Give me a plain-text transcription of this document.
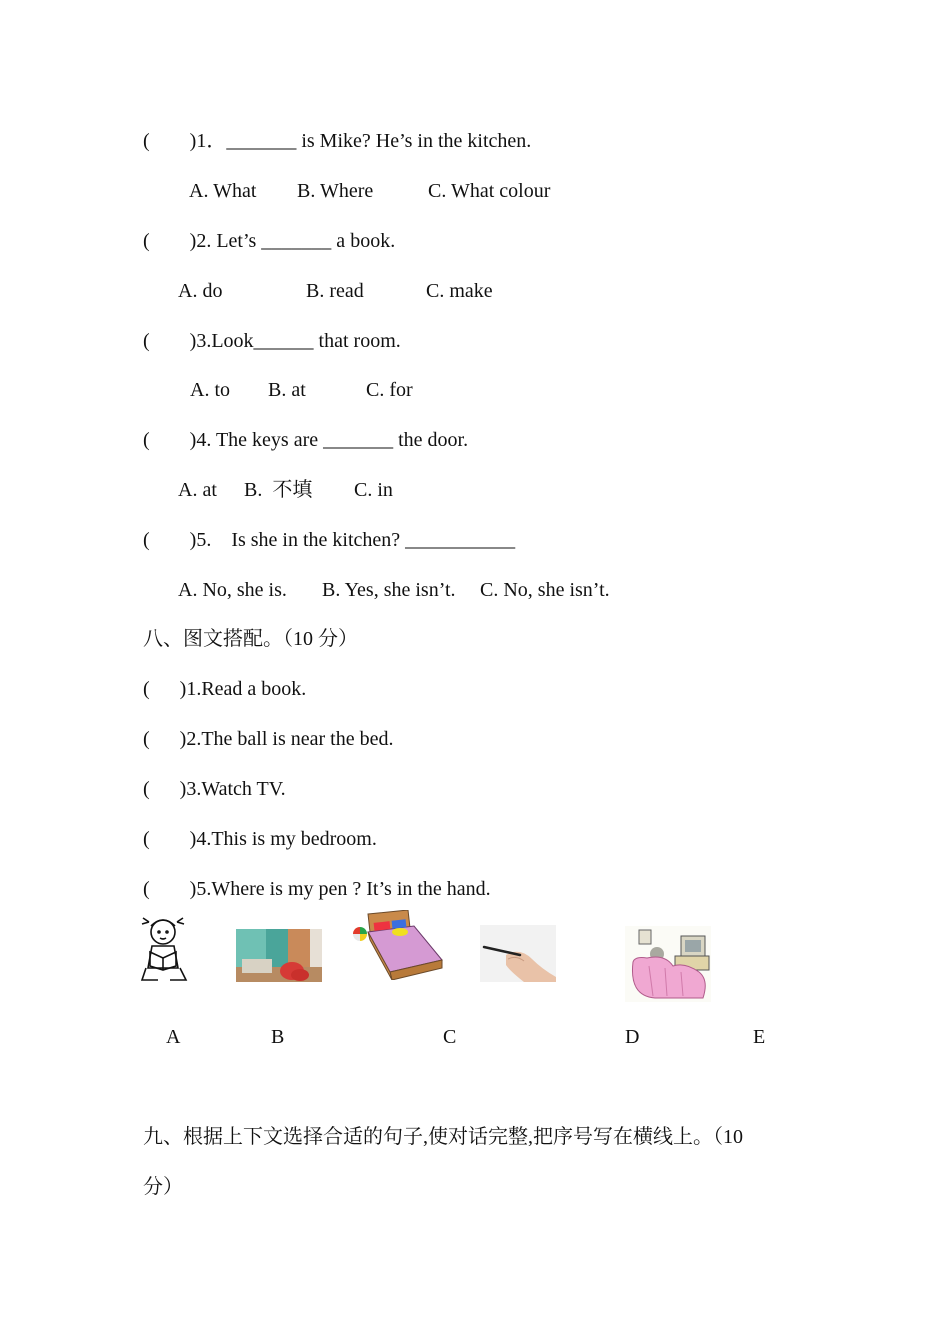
(        )1．_______ is Mike? He’s in the kitchen.
A. What B. Where	C. What colour
(        )2. Let’s _______ a book.
A. do	B. read	C. make
(        )3.Look______ that room.
A. to B. at	C. for
(        )4. The keys are _______ the door.
A. at B.  不填 C. in
(        )5.    Is she in the kitchen? ___________
A. No, she is. B. Yes, she isn’t. C. No, she isn’t.
八、图文搭配。（10 分）
(      )1.Read a book.
(      )2.The ball is near the bed.
(      )3.Watch TV.
(        )4.This is my bedroom.
(        )5.Where is my pen ? It’s in the hand.
A	B	C	D	E
九、根据上下文选择合适的句子,使对话完整,把序号写在横线上。（10
分）
